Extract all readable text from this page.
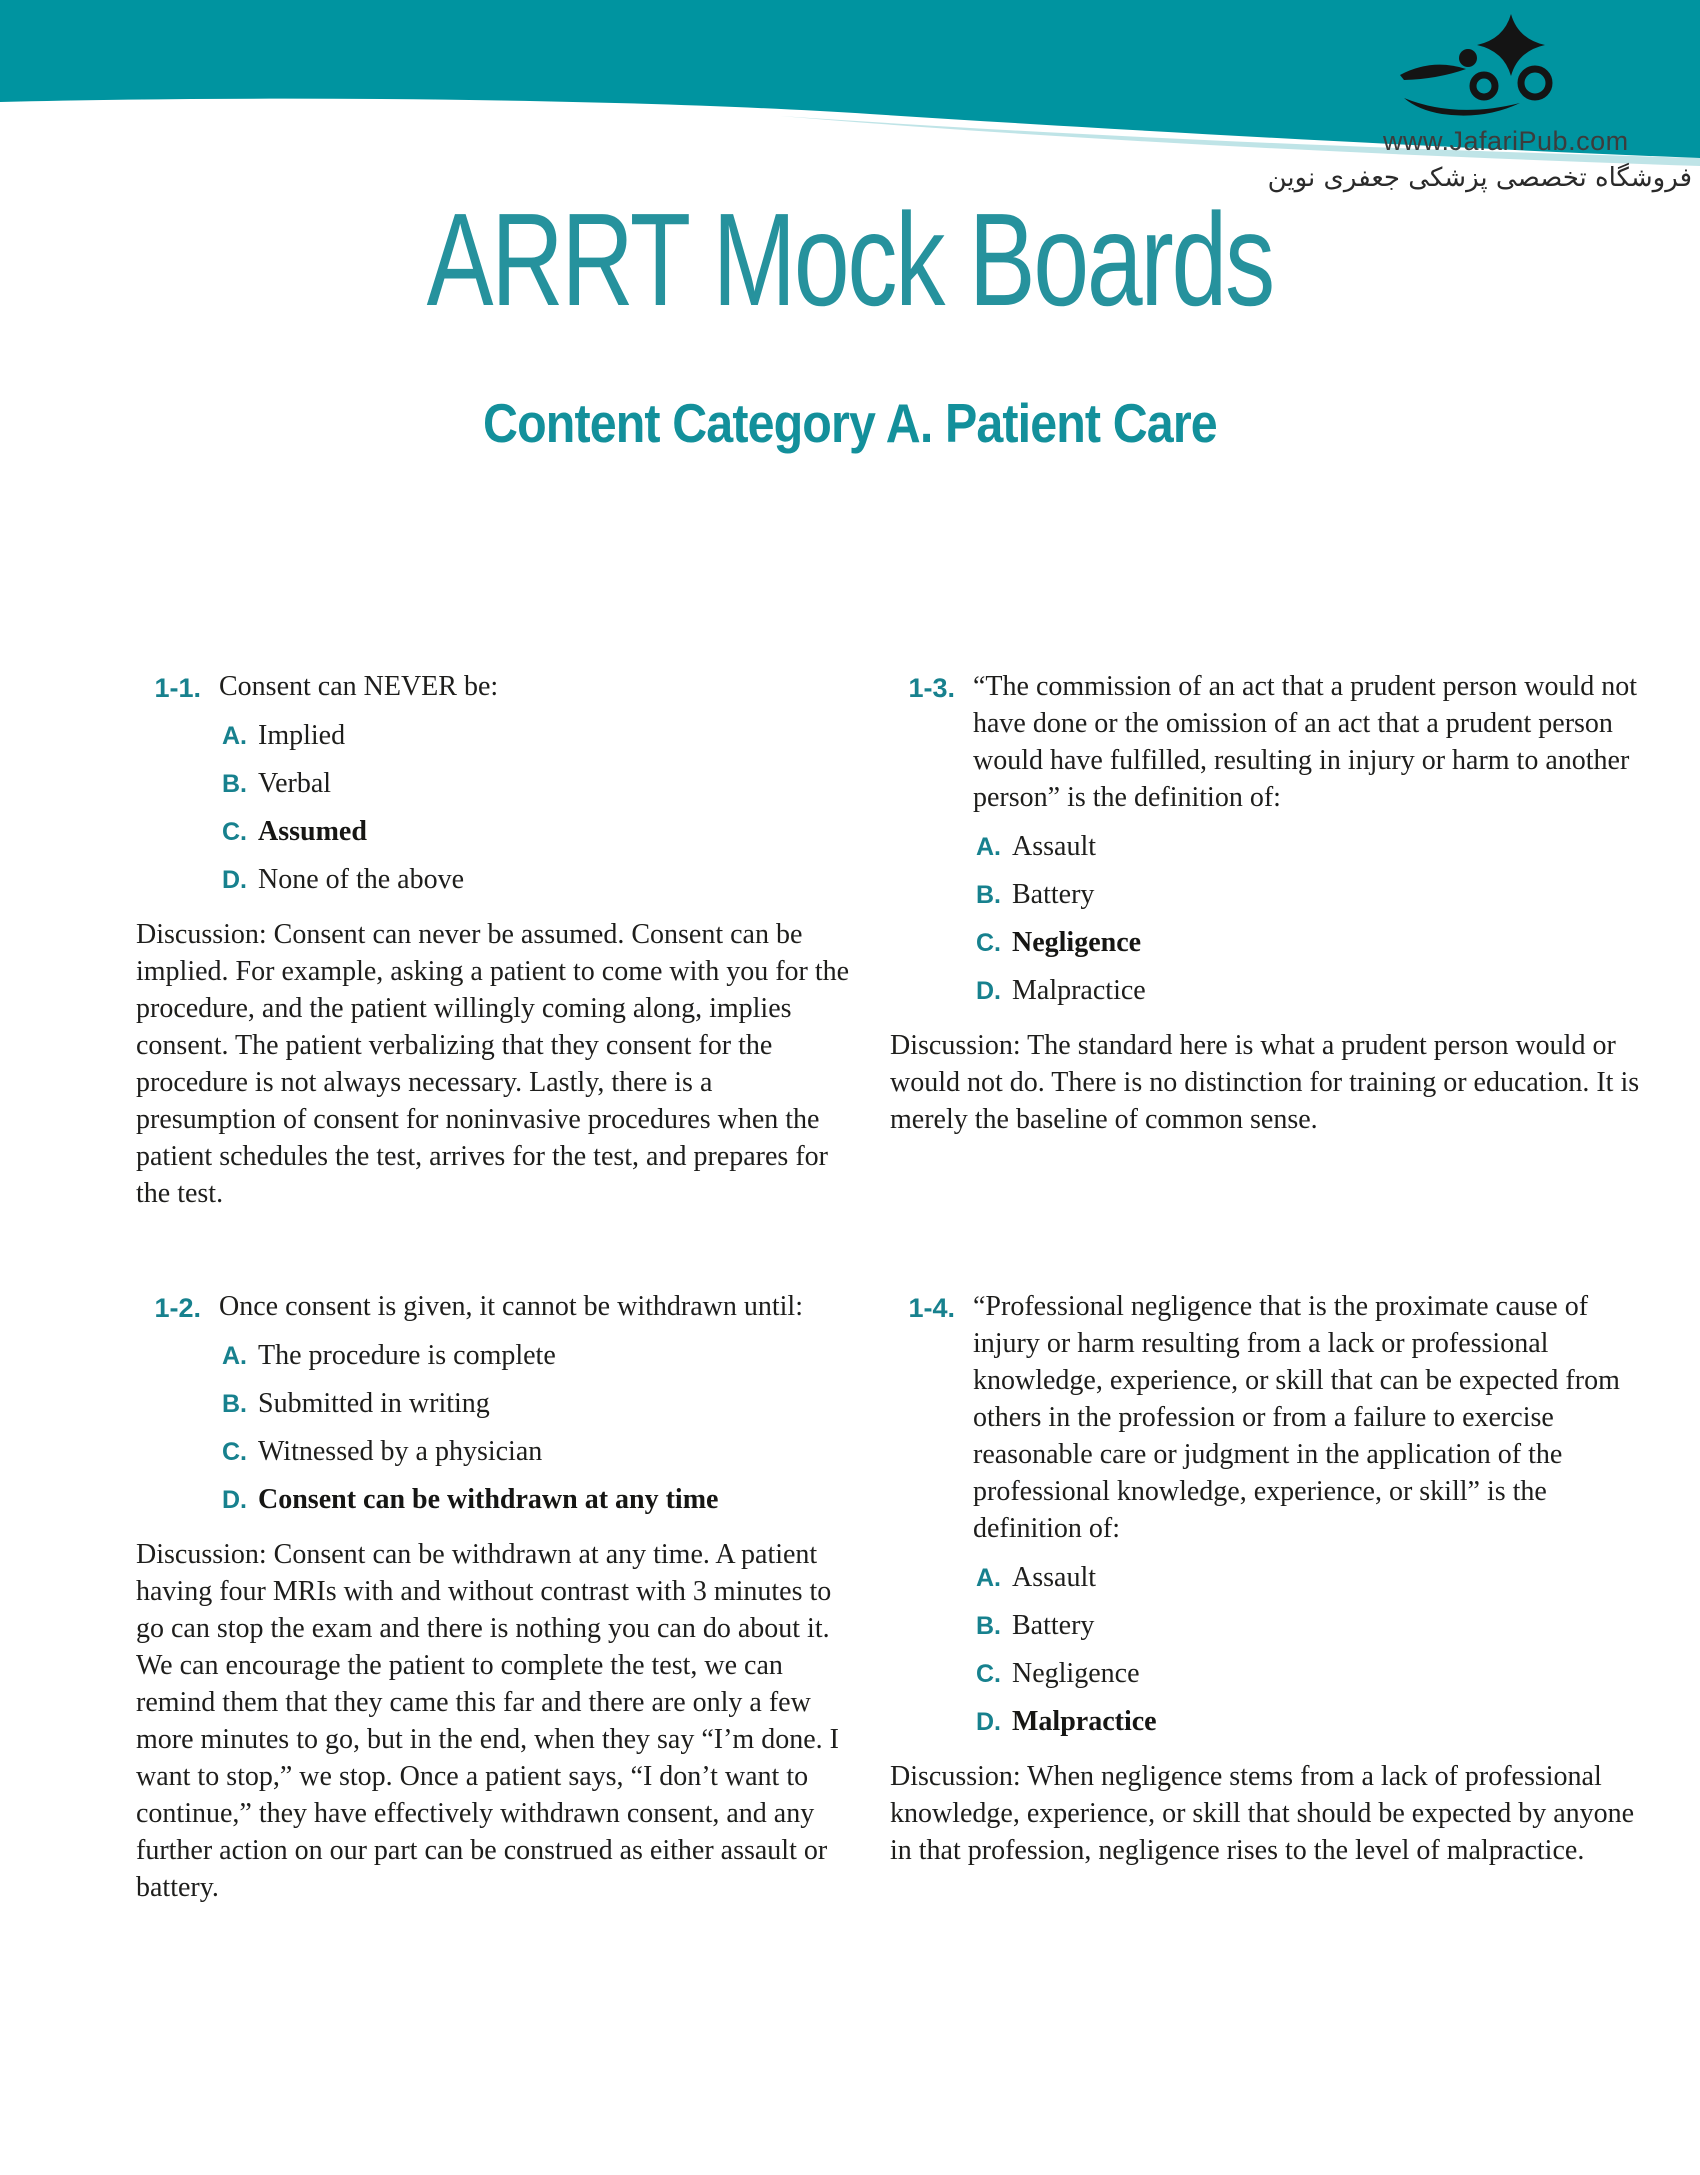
www.JafariPub.com
فروشگاه تخصصی پزشکی جعفری نوین
ARRT Mock Boards
Content Category A. Patient Care
1-1. Consent can NEVER be:

A. Implied
B. Verbal
C. Assumed
D. None of the above

Discussion: Consent can never be assumed. Consent can be implied. For example, asking a patient to come with you for the procedure, and the patient willingly coming along, implies consent. The patient verbalizing that they consent for the procedure is not always necessary. Lastly, there is a presumption of consent for noninvasive procedures when the patient schedules the test, arrives for the test, and prepares for the test.

1-3. “The commission of an act that a prudent person would not have done or the omission of an act that a prudent person would have fulfilled, resulting in injury or harm to another person” is the definition of:

A. Assault
B. Battery
C. Negligence
D. Malpractice

Discussion: The standard here is what a prudent person would or would not do. There is no distinction for training or education. It is merely the baseline of common sense.

1-2. Once consent is given, it cannot be withdrawn until:

A. The procedure is complete
B. Submitted in writing
C. Witnessed by a physician
D. Consent can be withdrawn at any time

Discussion: Consent can be withdrawn at any time. A patient having four MRIs with and without contrast with 3 minutes to go can stop the exam and there is nothing you can do about it. We can encourage the patient to complete the test, we can remind them that they came this far and there are only a few more minutes to go, but in the end, when they say “I’m done. I want to stop,” we stop. Once a patient says, “I don’t want to continue,” they have effectively withdrawn consent, and any further action on our part can be construed as either assault or battery.

1-4. “Professional negligence that is the proximate cause of injury or harm resulting from a lack or professional knowledge, experience, or skill that can be expected from others in the profession or from a failure to exercise reasonable care or judgment in the application of the professional knowledge, experience, or skill” is the definition of:

A. Assault
B. Battery
C. Negligence
D. Malpractice

Discussion: When negligence stems from a lack of professional knowledge, experience, or skill that should be expected by anyone in that profession, negligence rises to the level of malpractice.
